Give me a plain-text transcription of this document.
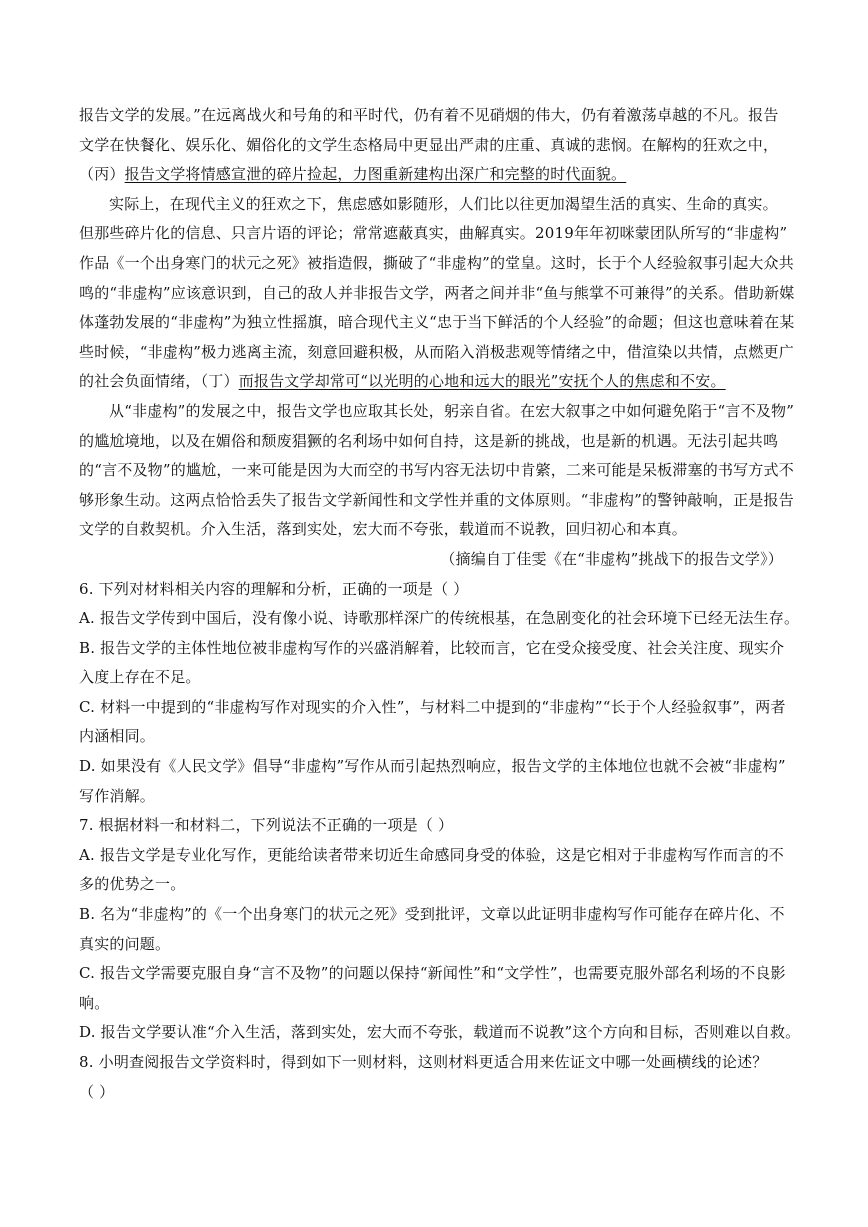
报告文学的发展。”在远离战火和号角的和平时代，仍有着不见硝烟的伟大，仍有着激荡卓越的不凡。报告
文学在快餐化、娱乐化、媚俗化的文学生态格局中更显出严肃的庄重、真诚的悲悯。在解构的狂欢之中，
（丙）报告文学将情感宣泄的碎片捡起，力图重新建构出深广和完整的时代面貌。
实际上，在现代主义的狂欢之下，焦虑感如影随形，人们比以往更加渴望生活的真实、生命的真实。
但那些碎片化的信息、只言片语的评论；常常遮蔽真实，曲解真实。2019年年初咪蒙团队所写的“非虚构”
作品《一个出身寒门的状元之死》被指造假，撕破了“非虚构”的堂皇。这时，长于个人经验叙事引起大众共
鸣的“非虚构”应该意识到，自己的敌人并非报告文学，两者之间并非“鱼与熊掌不可兼得”的关系。借助新媒
体蓬勃发展的“非虚构”为独立性摇旗，暗合现代主义“忠于当下鲜活的个人经验”的命题；但这也意味着在某
些时候，“非虚构”极力逃离主流，刻意回避积极，从而陷入消极悲观等情绪之中，借渲染以共情，点燃更广
的社会负面情绪，（丁）而报告文学却常可“以光明的心地和远大的眼光”安抚个人的焦虑和不安。
从“非虚构”的发展之中，报告文学也应取其长处，躬亲自省。在宏大叙事之中如何避免陷于“言不及物”
的尴尬境地，以及在媚俗和颓废猖獗的名利场中如何自持，这是新的挑战，也是新的机遇。无法引起共鸣
的“言不及物”的尴尬，一来可能是因为大而空的书写内容无法切中肯綮，二来可能是呆板滞塞的书写方式不
够形象生动。这两点恰恰丢失了报告文学新闻性和文学性并重的文体原则。“非虚构”的警钟敲响，正是报告
文学的自救契机。介入生活，落到实处，宏大而不夸张，载道而不说教，回归初心和本真。
（摘编自丁佳雯《在“非虚构”挑战下的报告文学》）
6. 下列对材料相关内容的理解和分析，正确的一项是（ ）
A. 报告文学传到中国后，没有像小说、诗歌那样深广的传统根基，在急剧变化的社会环境下已经无法生存。
B. 报告文学的主体性地位被非虚构写作的兴盛消解着，比较而言，它在受众接受度、社会关注度、现实介
入度上存在不足。
C. 材料一中提到的“非虚构写作对现实的介入性”，与材料二中提到的“非虚构”“长于个人经验叙事”，两者
内涵相同。
D. 如果没有《人民文学》倡导“非虚构”写作从而引起热烈响应，报告文学的主体地位也就不会被“非虚构”
写作消解。
7. 根据材料一和材料二，下列说法不正确的一项是（ ）
A. 报告文学是专业化写作，更能给读者带来切近生命感同身受的体验，这是它相对于非虚构写作而言的不
多的优势之一。
B. 名为“非虚构”的《一个出身寒门的状元之死》受到批评，文章以此证明非虚构写作可能存在碎片化、不
真实的问题。
C. 报告文学需要克服自身“言不及物”的问题以保持“新闻性”和“文学性”，也需要克服外部名利场的不良影
响。
D. 报告文学要认准“介入生活，落到实处，宏大而不夸张，载道而不说教”这个方向和目标，否则难以自救。
8. 小明查阅报告文学资料时，得到如下一则材料，这则材料更适合用来佐证文中哪一处画横线的论述？
（ ）
